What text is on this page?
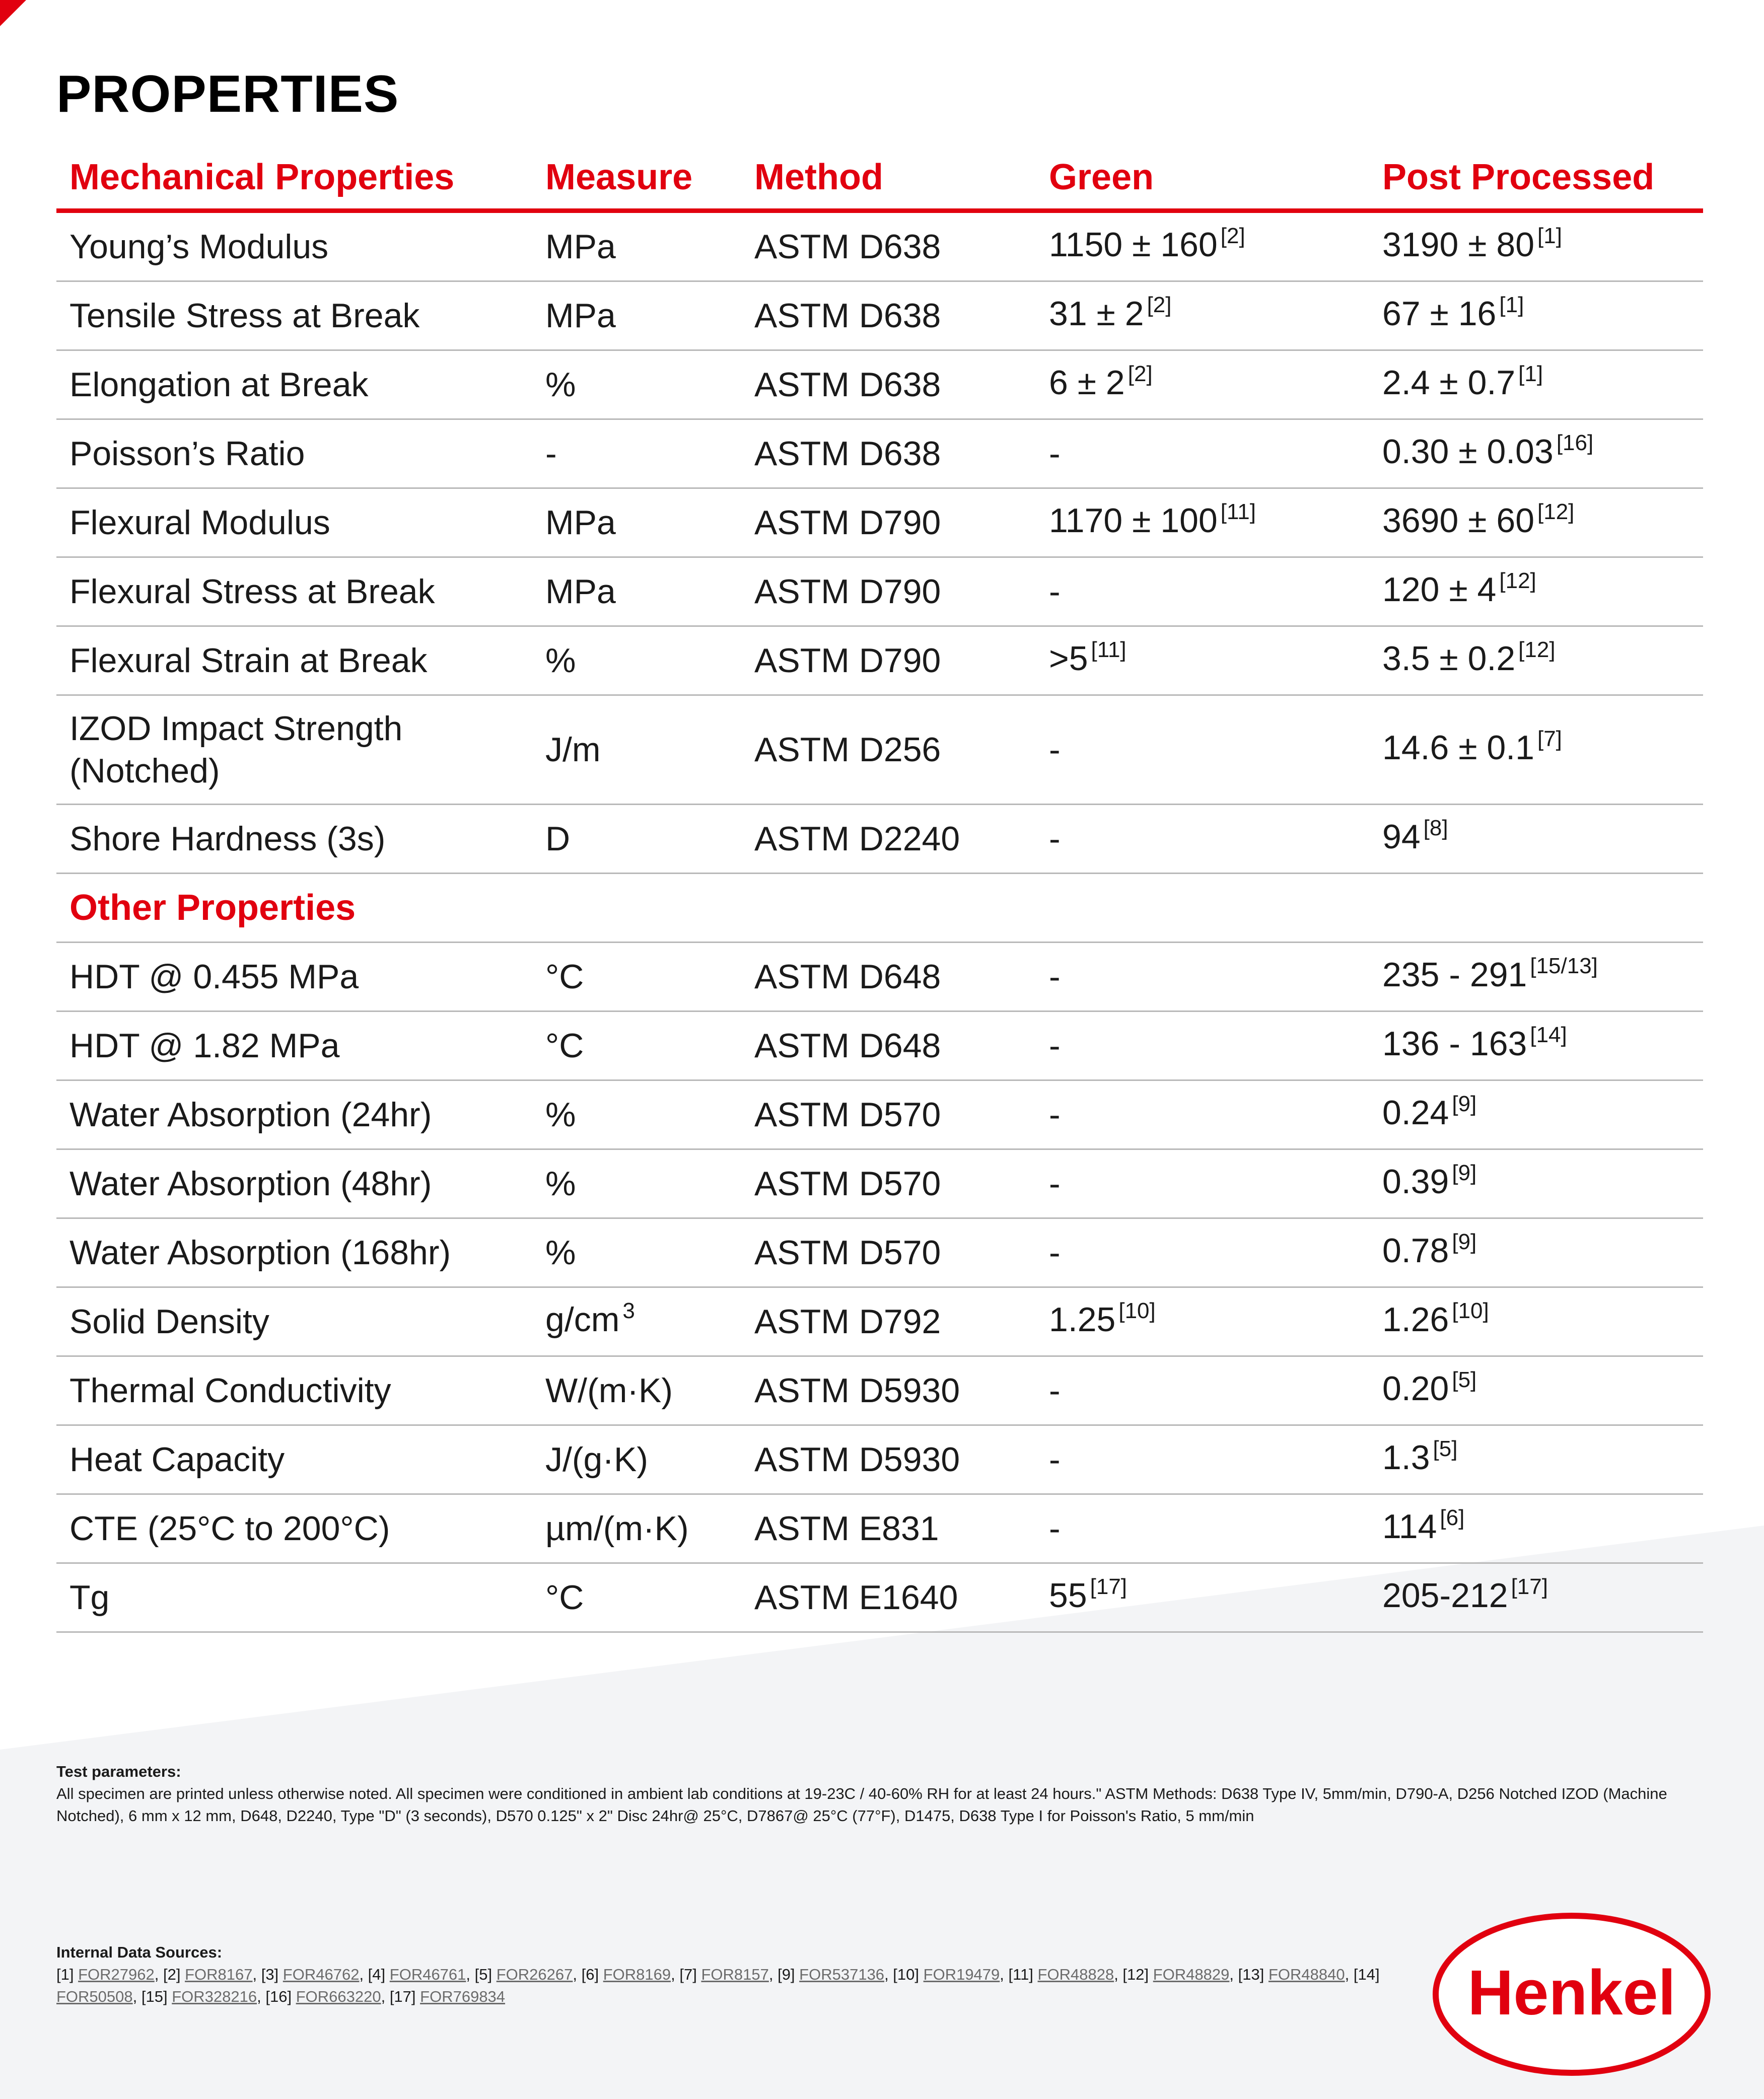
PROPERTIES
Mechanical Properties	Measure	Method	Green	Post Processed
Young’s Modulus	MPa	ASTM D638	1150 ± 160 [2]	3190 ± 80 [1]
Tensile Stress at Break	MPa	ASTM D638	31 ± 2 [2]	67 ± 16 [1]
Elongation at Break	%	ASTM D638	6 ± 2 [2]	2.4 ± 0.7 [1]
Poisson’s Ratio	-	ASTM D638	-	0.30 ± 0.03 [16]
Flexural Modulus	MPa	ASTM D790	1170 ± 100 [11]	3690 ± 60 [12]
Flexural Stress at Break	MPa	ASTM D790	-	120 ± 4 [12]
Flexural Strain at Break	%	ASTM D790	>5 [11]	3.5 ± 0.2 [12]
IZOD Impact Strength
(Notched)	J/m	ASTM D256	-	14.6 ± 0.1 [7]
Shore Hardness (3s)	D	ASTM D2240	-	94 [8]
Other Properties				
HDT @ 0.455 MPa	°C	ASTM D648	-	235 - 291 [15/13]
HDT @ 1.82 MPa	°C	ASTM D648	-	136 - 163 [14]
Water Absorption (24hr)	%	ASTM D570	-	0.24 [9]
Water Absorption (48hr)	%	ASTM D570	-	0.39 [9]
Water Absorption (168hr)	%	ASTM D570	-	0.78 [9]
Solid Density	g/cm $^3$	ASTM D792	1.25 [10]	1.26 [10]
Thermal Conductivity	W/(m·K)	ASTM D5930	-	0.20 [5]
Heat Capacity	J/(g·K)	ASTM D5930	-	1.3 [5]
CTE (25°C to 200°C)	µm/(m·K)	ASTM E831	-	114 [6]
Tg	°C	ASTM E1640	55 [17]	205-212 [17]
Test parameters:
All specimen are printed unless otherwise noted. All specimen were conditioned in ambient lab conditions at 19-23C / 40-60% RH for at least 24 hours." ASTM Methods: D638 Type IV, 5mm/min, D790-A, D256 Notched IZOD (Machine Notched), 6 mm x 12 mm, D648, D2240, Type "D" (3 seconds), D570 0.125" x 2" Disc 24hr@ 25°C, D7867@ 25°C (77°F), D1475, D638 Type I for Poisson's Ratio, 5 mm/min
Internal Data Sources:
[1] FOR27962, [2] FOR8167, [3] FOR46762, [4] FOR46761, [5] FOR26267, [6] FOR8169, [7] FOR8157, [9] FOR537136, [10] FOR19479, [11] FOR48828, [12] FOR48829, [13] FOR48840, [14] FOR50508, [15] FOR328216, [16] FOR663220, [17] FOR769834	Henkel
